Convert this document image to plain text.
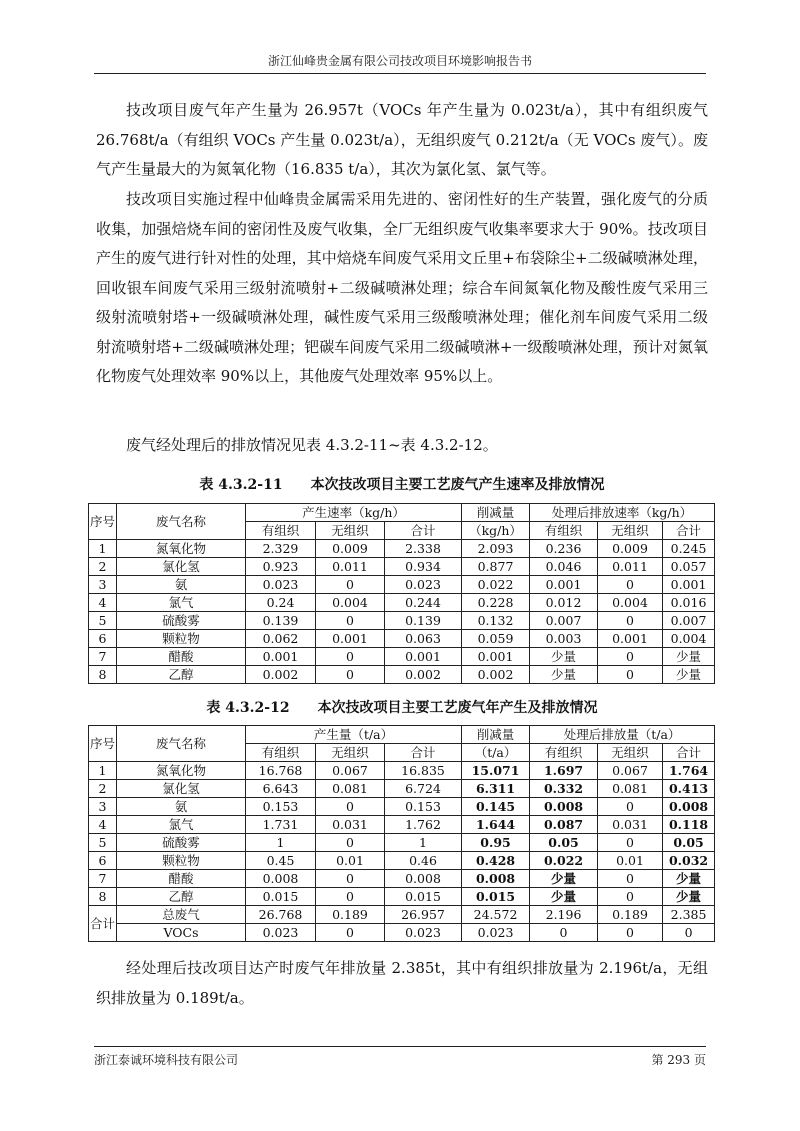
浙江仙峰贵金属有限公司技改项目环境影响报告书
技改项目废气年产生量为 26.957t（VOCs 年产生量为 0.023t/a），其中有组织废气 26.768t/a（有组织 VOCs 产生量 0.023t/a），无组织废气 0.212t/a（无 VOCs 废气）。废气产生量最大的为氮氧化物（16.835 t/a），其次为氯化氢、氯气等。
技改项目实施过程中仙峰贵金属需采用先进的、密闭性好的生产装置，强化废气的分质收集，加强焙烧车间的密闭性及废气收集，全厂无组织废气收集率要求大于 90%。技改项目产生的废气进行针对性的处理，其中焙烧车间废气采用文丘里+布袋除尘+二级碱喷淋处理，回收银车间废气采用三级射流喷射+二级碱喷淋处理；综合车间氮氧化物及酸性废气采用三级射流喷射塔+一级碱喷淋处理，碱性废气采用三级酸喷淋处理；催化剂车间废气采用二级射流喷射塔+二级碱喷淋处理；钯碳车间废气采用二级碱喷淋+一级酸喷淋处理，预计对氮氧化物废气处理效率 90%以上，其他废气处理效率 95%以上。
废气经处理后的排放情况见表 4.3.2-11~表 4.3.2-12。
表 4.3.2-11 本次技改项目主要工艺废气产生速率及排放情况
序号	废气名称	产生速率（kg/h）			削减量	处理后排放速率（kg/h）		
		有组织	无组织	合计	（kg/h）	有组织	无组织	合计
1	氮氧化物	2.329	0.009	2.338	2.093	0.236	0.009	0.245
2	氯化氢	0.923	0.011	0.934	0.877	0.046	0.011	0.057
3	氨	0.023	0	0.023	0.022	0.001	0	0.001
4	氯气	0.24	0.004	0.244	0.228	0.012	0.004	0.016
5	硫酸雾	0.139	0	0.139	0.132	0.007	0	0.007
6	颗粒物	0.062	0.001	0.063	0.059	0.003	0.001	0.004
7	醋酸	0.001	0	0.001	0.001	少量	0	少量
8	乙醇	0.002	0	0.002	0.002	少量	0	少量
表 4.3.2-12 本次技改项目主要工艺废气年产生及排放情况
序号	废气名称	产生量（t/a）			削减量	处理后排放量（t/a）		
		有组织	无组织	合计	（t/a）	有组织	无组织	合计
1	氮氧化物	16.768	0.067	16.835	15.071	1.697	0.067	1.764
2	氯化氢	6.643	0.081	6.724	6.311	0.332	0.081	0.413
3	氨	0.153	0	0.153	0.145	0.008	0	0.008
4	氯气	1.731	0.031	1.762	1.644	0.087	0.031	0.118
5	硫酸雾	1	0	1	0.95	0.05	0	0.05
6	颗粒物	0.45	0.01	0.46	0.428	0.022	0.01	0.032
7	醋酸	0.008	0	0.008	0.008	少量	0	少量
8	乙醇	0.015	0	0.015	0.015	少量	0	少量
合计	总废气	26.768	0.189	26.957	24.572	2.196	0.189	2.385
	VOCs	0.023	0	0.023	0.023	0	0	0
经处理后技改项目达产时废气年排放量 2.385t，其中有组织排放量为 2.196t/a，无组织排放量为 0.189t/a。
浙江泰诚环境科技有限公司	第 293 页
